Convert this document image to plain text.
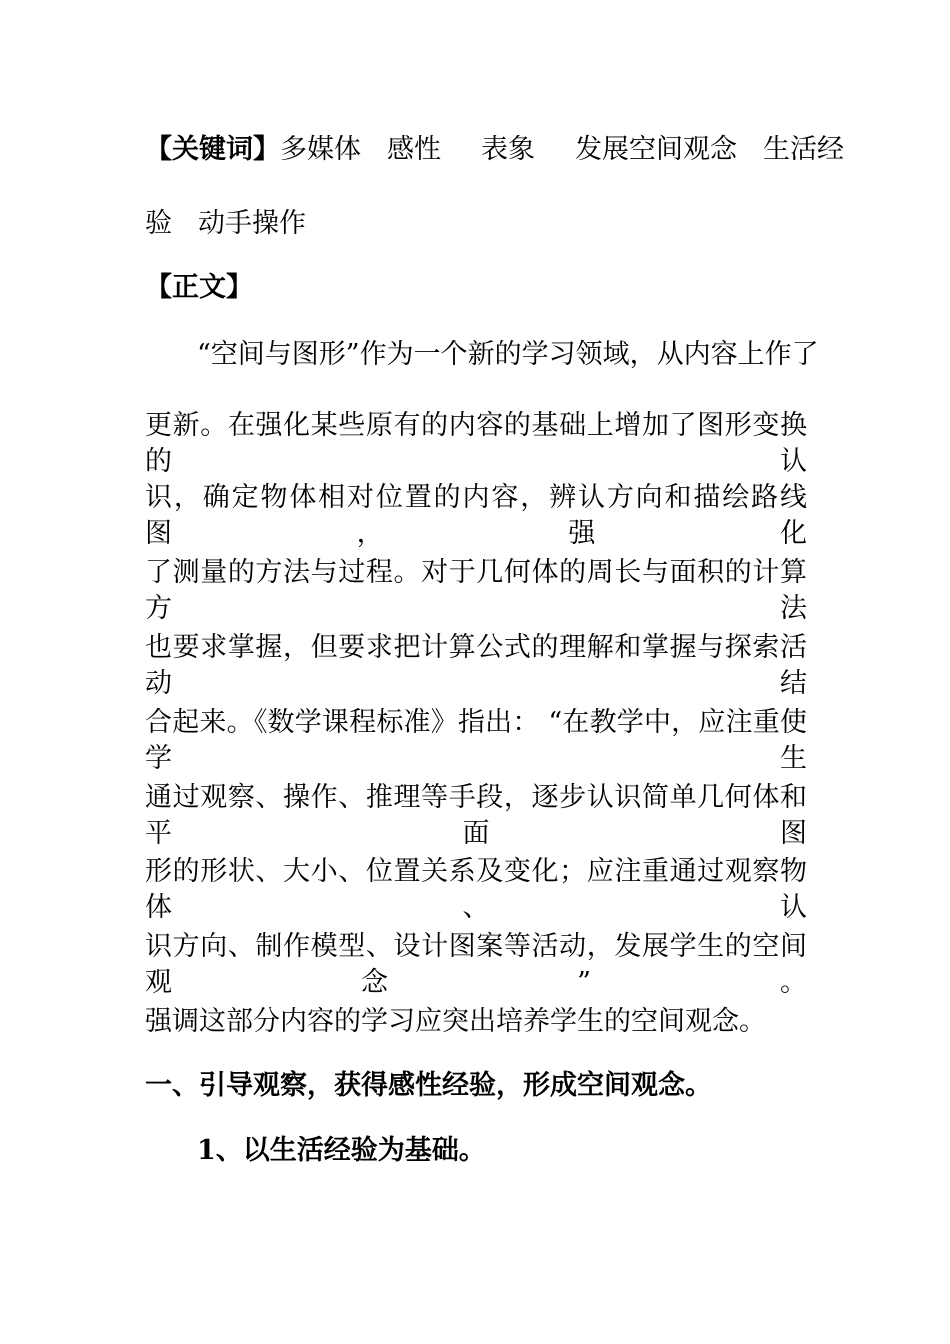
【关键词】多媒体 感性 表象 发展空间观念 生活经
验 动手操作
【正文】
“空间与图形”作为一个新的学习领域，从内容上作了
更新。在强化某些原有的内容的基础上增加了图形变换的认
识，确定物体相对位置的内容，辨认方向和描绘路线图，强化
了测量的方法与过程。对于几何体的周长与面积的计算方法
也要求掌握，但要求把计算公式的理解和掌握与探索活动结
合起来。《数学课程标准》指出： “在教学中，应注重使学生
通过观察、操作、推理等手段，逐步认识简单几何体和平面图
形的形状、大小、位置关系及变化；应注重通过观察物体、认
识方向、制作模型、设计图案等活动，发展学生的空间观念”。
强调这部分内容的学习应突出培养学生的空间观念。
一、引导观察，获得感性经验，形成空间观念。
1、以生活经验为基础。
